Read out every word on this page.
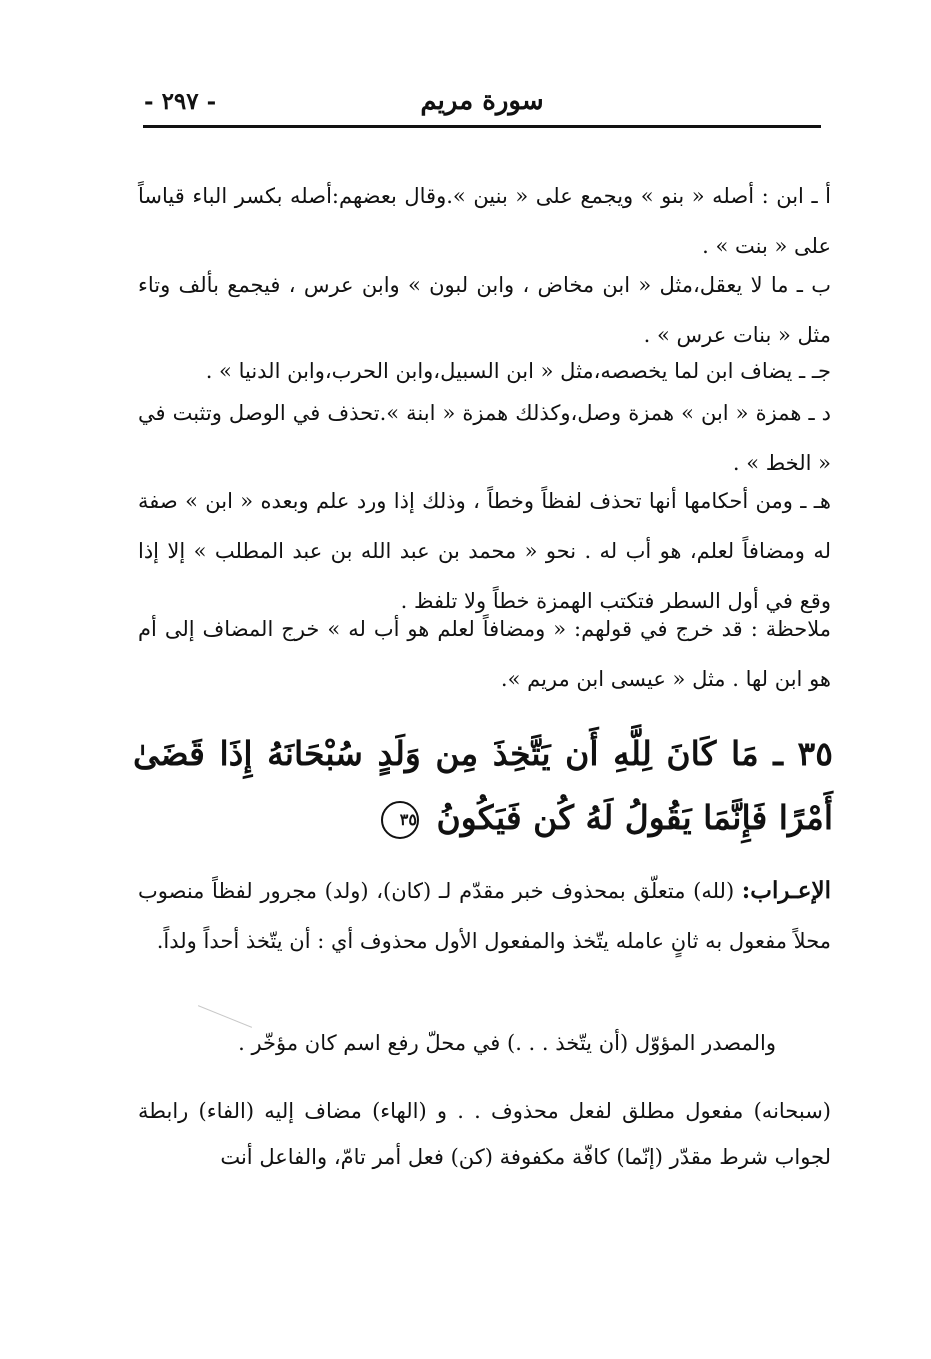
سورة مريم
- ٢٩٧ -
أ ـ ابن : أصله « بنو » ويجمع على « بنين ».وقال بعضهم:أصله بكسر الباء قياساً على « بنت » .
ب ـ ما لا يعقل،مثل « ابن مخاض ، وابن لبون » وابن عرس ، فيجمع بألف وتاء مثل « بنات عرس » .
جـ ـ يضاف ابن لما يخصصه،مثل « ابن السبيل،وابن الحرب،وابن الدنيا » .
د ـ همزة « ابن » همزة وصل،وكذلك همزة « ابنة ».تحذف في الوصل وتثبت في « الخط » .
هـ ـ ومن أحكامها أنها تحذف لفظاً وخطاً ، وذلك إذا ورد علم وبعده « ابن » صفة له ومضافاً لعلم، هو أب له . نحو « محمد بن عبد الله بن عبد المطلب » إلا إذا وقع في أول السطر فتكتب الهمزة خطاً ولا تلفظ .
ملاحظة : قد خرج في قولهم: « ومضافاً لعلم هو أب له » خرج المضاف إلى أم هو ابن لها . مثل « عيسى ابن مريم ».
٣٥ ـ مَا كَانَ لِلَّهِ أَن يَتَّخِذَ مِن وَلَدٍ سُبْحَانَهُ إِذَا قَضَىٰ أَمْرًا فَإِنَّمَا يَقُولُ لَهُ كُن فَيَكُونُ ٣٥
الإعـراب: (لله) متعلّق بمحذوف خبر مقدّم لـ (كان)، (ولد) مجرور لفظاً منصوب محلاً مفعول به ثانٍ عامله يتّخذ والمفعول الأول محذوف أي : أن يتّخذ أحداً ولداً.
والمصدر المؤوّل (أن يتّخذ . . .) في محلّ رفع اسم كان مؤخّر .
(سبحانه) مفعول مطلق لفعل محذوف . . و (الهاء) مضاف إليه (الفاء) رابطة لجواب شرط مقدّر (إنّما) كافّة مكفوفة (كن) فعل أمر تامّ، والفاعل أنت
